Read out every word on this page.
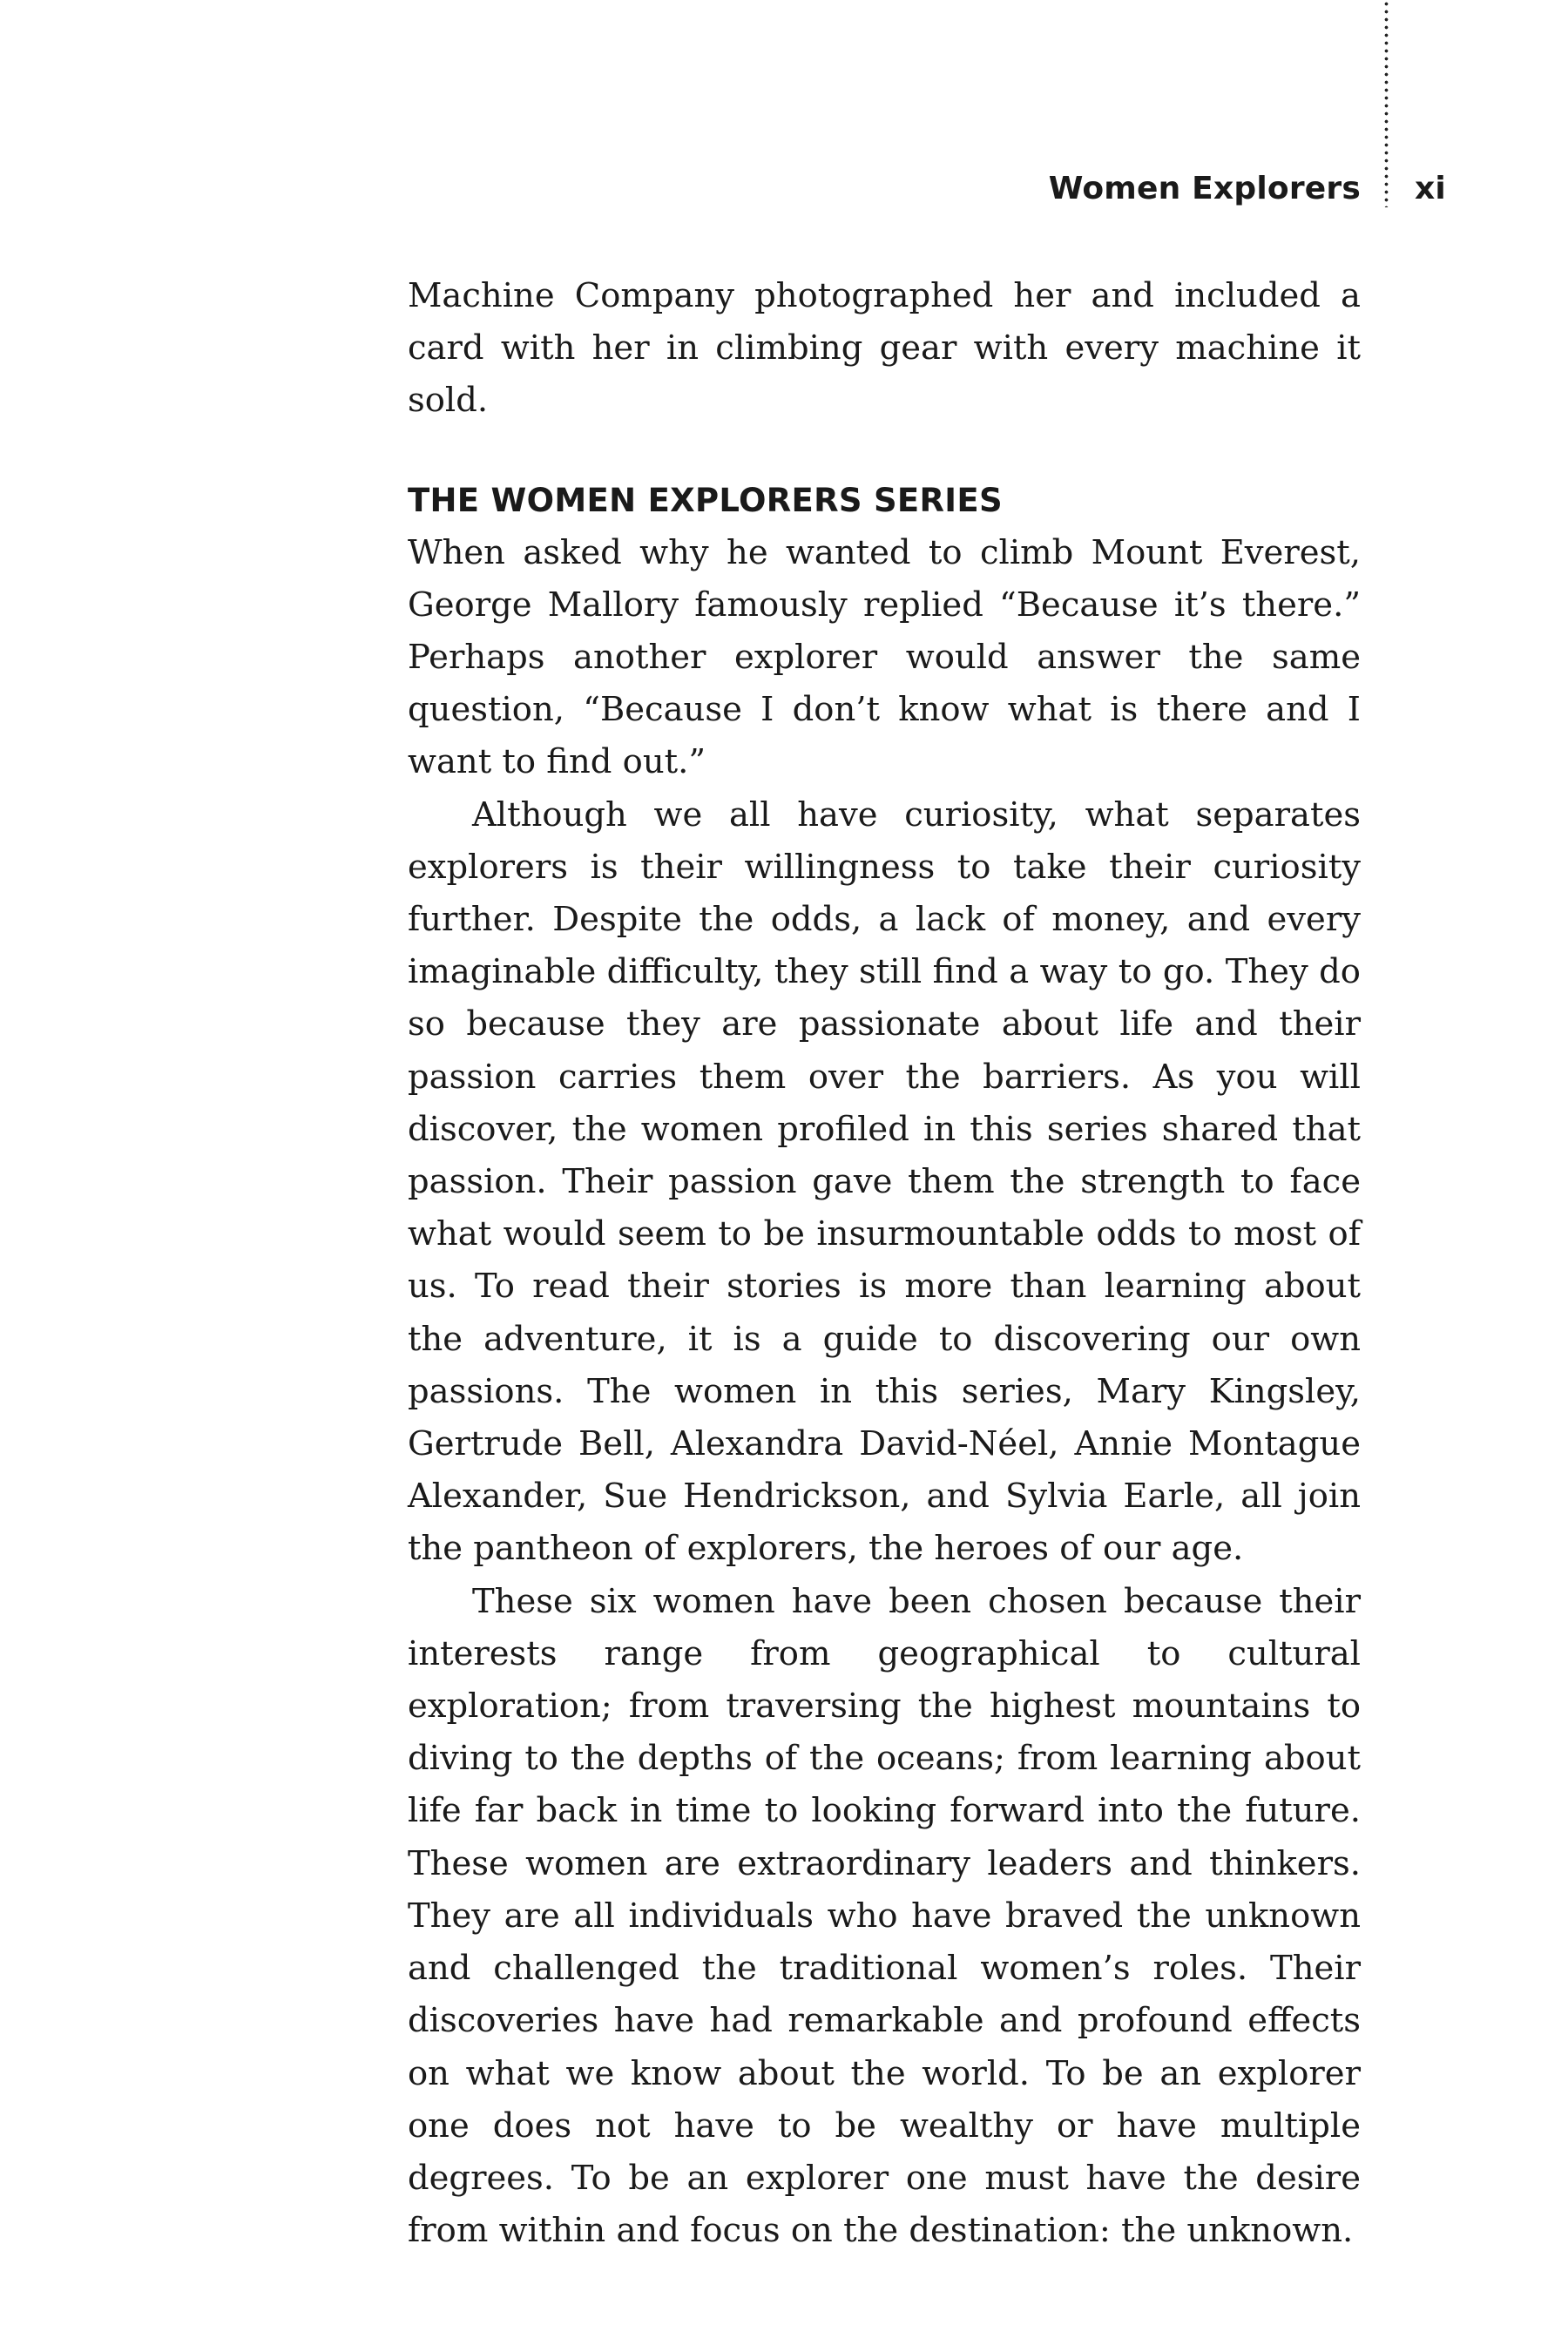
Women Explorers xi

Machine Company photographed her and included a card with her in climbing gear with every machine it sold.

THE WOMEN EXPLORERS SERIES

When asked why he wanted to climb Mount Everest, George Mallory famously replied “Because it’s there.” Perhaps another explorer would answer the same question, “Because I don’t know what is there and I want to find out.”

Although we all have curiosity, what separates explorers is their willingness to take their curiosity further. Despite the odds, a lack of money, and every imaginable difficulty, they still find a way to go. They do so because they are passionate about life and their passion carries them over the barriers. As you will discover, the women profiled in this series shared that passion. Their passion gave them the strength to face what would seem to be insurmountable odds to most of us. To read their stories is more than learning about the adventure, it is a guide to discovering our own passions. The women in this series, Mary Kingsley, Gertrude Bell, Alexandra David-Néel, Annie Montague Alexander, Sue Hendrickson, and Sylvia Earle, all join the pantheon of explorers, the heroes of our age.

These six women have been chosen because their interests range from geographical to cultural exploration; from traversing the highest mountains to diving to the depths of the oceans; from learning about life far back in time to looking forward into the future. These women are extraordinary leaders and thinkers. They are all individuals who have braved the unknown and challenged the traditional women’s roles. Their discoveries have had remarkable and profound effects on what we know about the world. To be an explorer one does not have to be wealthy or have multiple degrees. To be an explorer one must have the desire from within and focus on the destination: the unknown.
